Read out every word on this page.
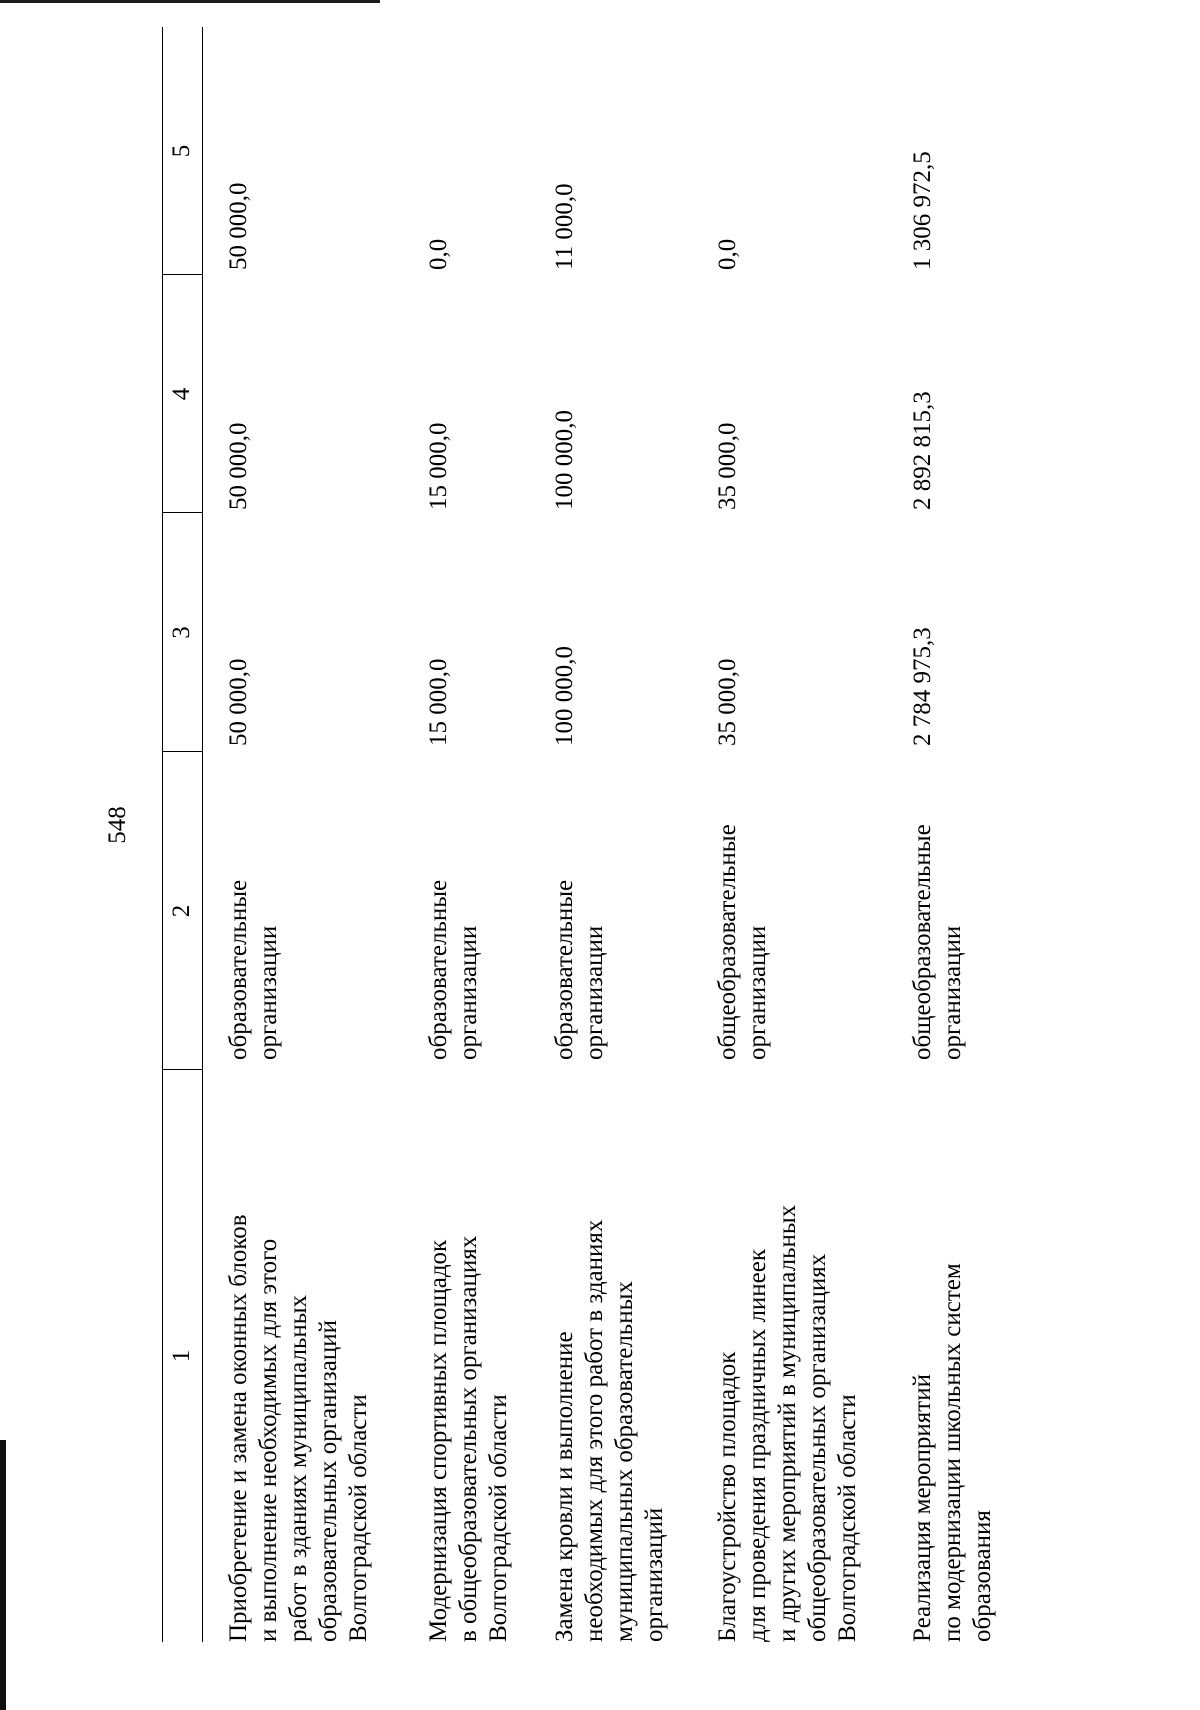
548
1
2
3
4
5
Приобретение и замена оконных блоков
и выполнение необходимых для этого
работ в зданиях муниципальных
образовательных организаций
Волгоградской области
образовательные
организации
50 000,0
50 000,0
50 000,0
Модернизация спортивных площадок
в общеобразовательных организациях
Волгоградской области
образовательные
организации
15 000,0
15 000,0
0,0
Замена кровли и выполнение
необходимых для этого работ в зданиях
муниципальных образовательных
организаций
образовательные
организации
100 000,0
100 000,0
11 000,0
Благоустройство площадок
для проведения праздничных линеек
и других мероприятий в муниципальных
общеобразовательных организациях
Волгоградской области
общеобразовательные
организации
35 000,0
35 000,0
0,0
Реализация мероприятий
по модернизации школьных систем
образования
общеобразовательные
организации
2 784 975,3
2 892 815,3
1 306 972,5
